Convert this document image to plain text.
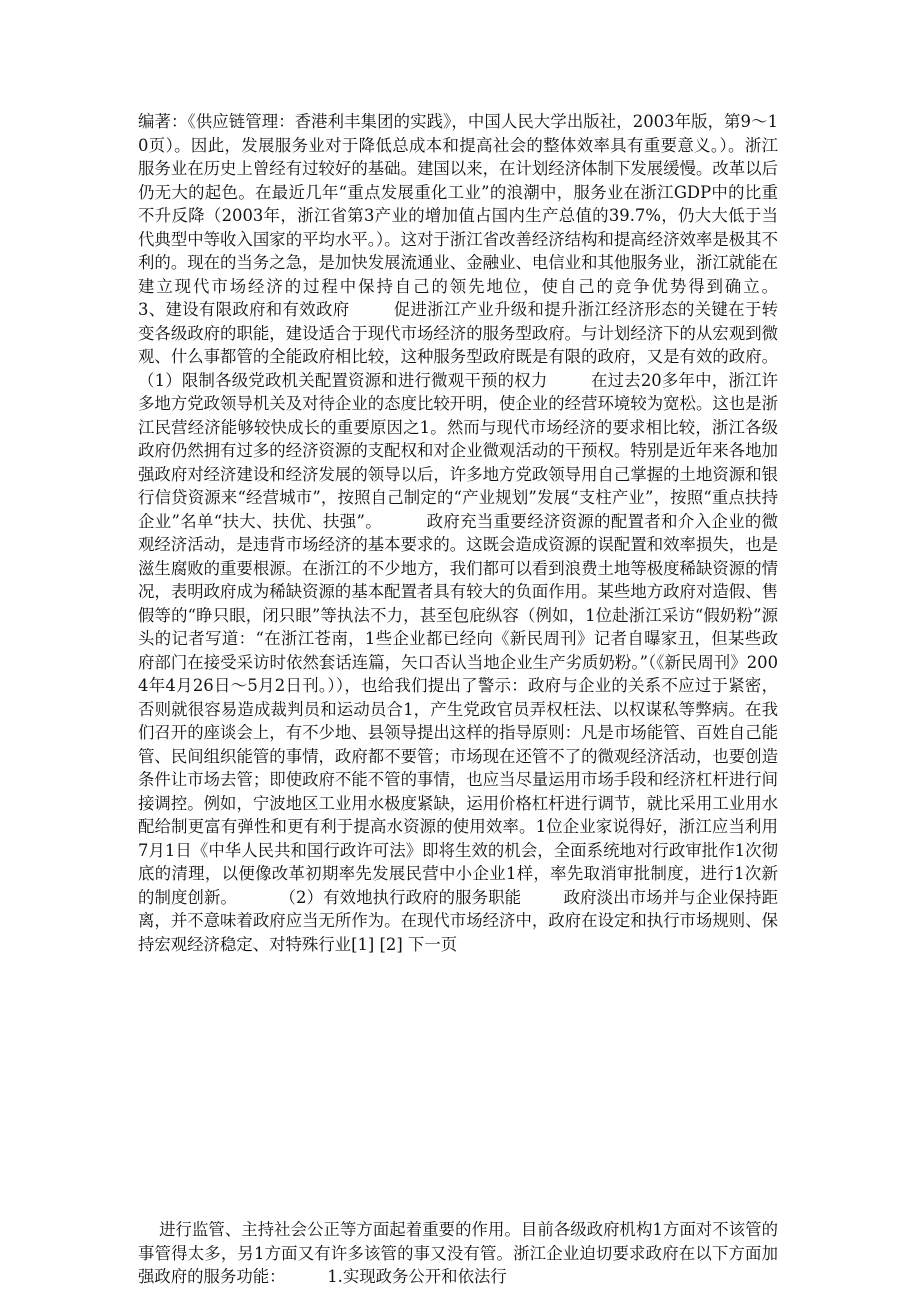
编著：《供应链管理：香港利丰集团的实践》，中国人民大学出版社，2003年版，第9～10页）。因此，发展服务业对于降低总成本和提高社会的整体效率具有重要意义。）。浙江服务业在历史上曾经有过较好的基础。建国以来，在计划经济体制下发展缓慢。改革以后仍无大的起色。在最近几年“重点发展重化工业”的浪潮中，服务业在浙江GDP中的比重不升反降（2003年，浙江省第3产业的增加值占国内生产总值的39.7%，仍大大低于当代典型中等收入国家的平均水平。）。这对于浙江省改善经济结构和提高经济效率是极其不利的。现在的当务之急，是加快发展流通业、金融业、电信业和其他服务业，浙江就能在建立现代市场经济的过程中保持自己的领先地位，使自己的竞争优势得到确立。        3、建设有限政府和有效政府        促进浙江产业升级和提升浙江经济形态的关键在于转变各级政府的职能，建设适合于现代市场经济的服务型政府。与计划经济下的从宏观到微观、什么事都管的全能政府相比较，这种服务型政府既是有限的政府，又是有效的政府。        （1）限制各级党政机关配置资源和进行微观干预的权力        在过去20多年中，浙江许多地方党政领导机关及对待企业的态度比较开明，使企业的经营环境较为宽松。这也是浙江民营经济能够较快成长的重要原因之1。然而与现代市场经济的要求相比较，浙江各级政府仍然拥有过多的经济资源的支配权和对企业微观活动的干预权。特别是近年来各地加强政府对经济建设和经济发展的领导以后，许多地方党政领导用自己掌握的土地资源和银行信贷资源来“经营城市”，按照自己制定的“产业规划”发展“支柱产业”，按照“重点扶持企业”名单“扶大、扶优、扶强”。        政府充当重要经济资源的配置者和介入企业的微观经济活动，是违背市场经济的基本要求的。这既会造成资源的误配置和效率损失，也是滋生腐败的重要根源。在浙江的不少地方，我们都可以看到浪费土地等极度稀缺资源的情况，表明政府成为稀缺资源的基本配置者具有较大的负面作用。某些地方政府对造假、售假等的“睁只眼，闭只眼”等执法不力，甚至包庇纵容（例如，1位赴浙江采访“假奶粉”源头的记者写道：“在浙江苍南，1些企业都已经向《新民周刊》记者自曝家丑，但某些政府部门在接受采访时依然套话连篇，矢口否认当地企业生产劣质奶粉。”（《新民周刊》2004年4月26日～5月2日刊。）），也给我们提出了警示：政府与企业的关系不应过于紧密，否则就很容易造成裁判员和运动员合1，产生党政官员弄权枉法、以权谋私等弊病。在我们召开的座谈会上，有不少地、县领导提出这样的指导原则：凡是市场能管、百姓自己能管、民间组织能管的事情，政府都不要管；市场现在还管不了的微观经济活动，也要创造条件让市场去管；即使政府不能不管的事情，也应当尽量运用市场手段和经济杠杆进行间接调控。例如，宁波地区工业用水极度紧缺，运用价格杠杆进行调节，就比采用工业用水配给制更富有弹性和更有利于提高水资源的使用效率。1位企业家说得好，浙江应当利用7月1日《中华人民共和国行政许可法》即将生效的机会，全面系统地对行政审批作1次彻底的清理，以便像改革初期率先发展民营中小企业1样，率先取消审批制度，进行1次新的制度创新。        （2）有效地执行政府的服务职能        政府淡出市场并与企业保持距离，并不意味着政府应当无所作为。在现代市场经济中，政府在设定和执行市场规则、保持宏观经济稳定、对特殊行业[1] [2] 下一页

进行监管、主持社会公正等方面起着重要的作用。目前各级政府机构1方面对不该管的事管得太多，另1方面又有许多该管的事又没有管。浙江企业迫切要求政府在以下方面加强政府的服务功能：        1.实现政务公开和依法行
